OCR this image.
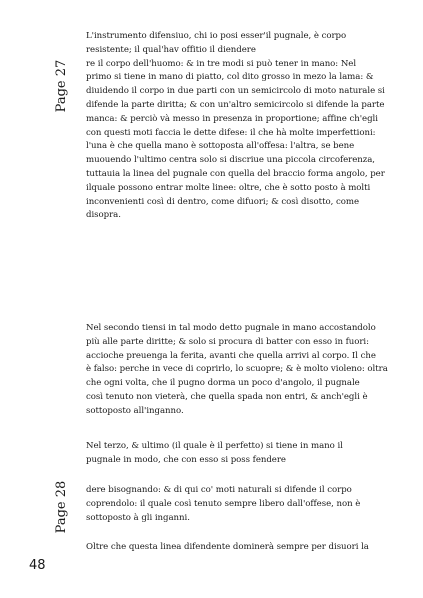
Page 27
L'instrumento difensiuo, chi io posi esser'il pugnale, è corpo
resistente; il qual'hav offitio il diendere
re il corpo dell'huomo: & in tre modi si può tener in mano: Nel
primo si tiene in mano di piatto, col dito grosso in mezo la lama: &
diuidendo il corpo in due parti con un semicircolo di moto naturale si
difende la parte diritta; & con un'altro semicircolo si difende la parte
manca: & perciò và messo in presenza in proportione; affine ch'egli
con questi moti faccia le dette difese: il che hà molte imperfettioni:
l'una è che quella mano è sottoposta all'offesa: l'altra, se bene
muouendo l'ultimo centra solo si discriue una piccola circoferenza,
tuttauia la linea del pugnale con quella del braccio forma angolo, per
ilquale possono entrar molte linee: oltre, che è sotto posto à molti
inconvenienti così di dentro, come difuori; & così disotto, come
disopra.
Nel secondo tiensi in tal modo detto pugnale in mano accostandolo
più alle parte diritte; & solo si procura di batter con esso in fuori:
accioche preuenga la ferita, avanti che quella arrivi al corpo. Il che
è falso: perche in vece di coprirlo, lo scuopre; & è molto violeno: oltra
che ogni volta, che il pugno dorma un poco d'angolo, il pugnale
così tenuto non vieterà, che quella spada non entri, & anch'egli è
sottoposto all'inganno.
Nel terzo, & ultimo (il quale è il perfetto) si tiene in mano il
pugnale in modo, che con esso si poss fendere
Page 28 dere bisognando: & di qui co' moti naturali si difende il corpo
coprendolo: il quale così tenuto sempre libero dall'offese, non è
sottoposto à gli inganni.
Oltre che questa linea difendente dominerà sempre per disuori la
48
